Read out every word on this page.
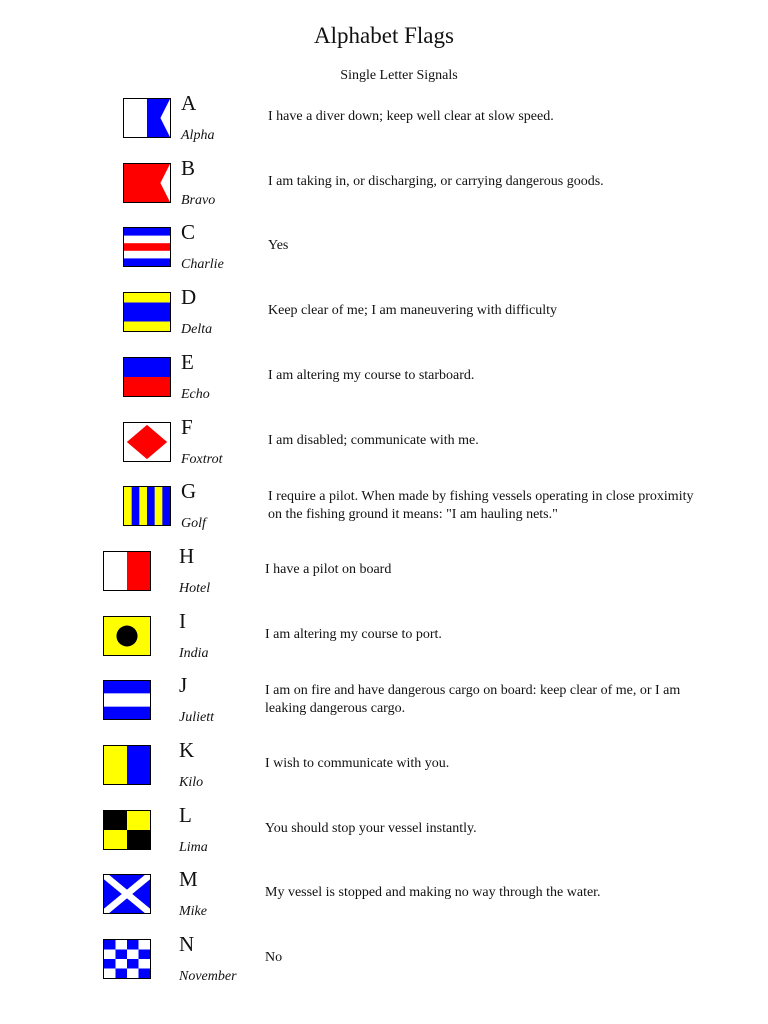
Alphabet Flags
Single Letter Signals
A
Alpha
I have a diver down; keep well clear at slow speed.
B
Bravo
I am taking in, or discharging, or carrying dangerous goods.
C
Charlie
Yes
D
Delta
Keep clear of me; I am maneuvering with difficulty
E
Echo
I am altering my course to starboard.
F
Foxtrot
I am disabled; communicate with me.
G
Golf
I require a pilot. When made by fishing vessels operating in close proximity on the fishing ground it means: "I am hauling nets."
H
Hotel
I have a pilot on board
I
India
I am altering my course to port.
J
Juliett
I am on fire and have dangerous cargo on board: keep clear of me, or I am leaking dangerous cargo.
K
Kilo
I wish to communicate with you.
L
Lima
You should stop your vessel instantly.
M
Mike
My vessel is stopped and making no way through the water.
N
November
No
